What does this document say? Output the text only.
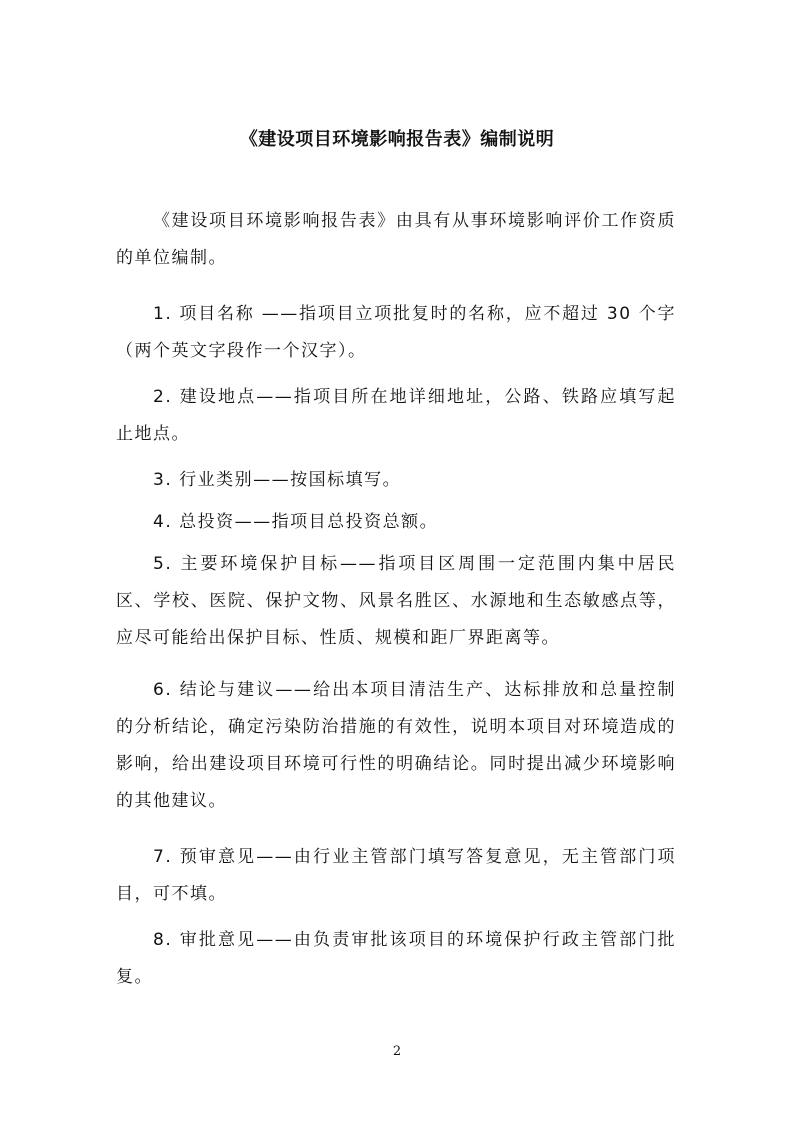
《建设项目环境影响报告表》编制说明
《建设项目环境影响报告表》由具有从事环境影响评价工作资质的单位编制。
1. 项目名称 ——指项目立项批复时的名称，应不超过 30 个字（两个英文字段作一个汉字）。
2. 建设地点——指项目所在地详细地址，公路、铁路应填写起止地点。
3. 行业类别——按国标填写。
4. 总投资——指项目总投资总额。
5. 主要环境保护目标——指项目区周围一定范围内集中居民区、学校、医院、保护文物、风景名胜区、水源地和生态敏感点等，应尽可能给出保护目标、性质、规模和距厂界距离等。
6. 结论与建议——给出本项目清洁生产、达标排放和总量控制的分析结论，确定污染防治措施的有效性，说明本项目对环境造成的影响，给出建设项目环境可行性的明确结论。同时提出减少环境影响的其他建议。
7. 预审意见——由行业主管部门填写答复意见，无主管部门项目，可不填。
8. 审批意见——由负责审批该项目的环境保护行政主管部门批复。
2
